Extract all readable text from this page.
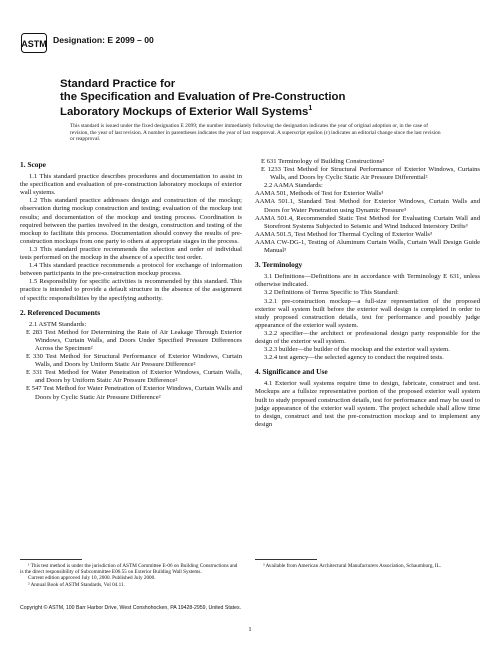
ASTM Designation: E 2099 – 00
Standard Practice for
the Specification and Evaluation of Pre-Construction
Laboratory Mockups of Exterior Wall Systems$^1$
This standard is issued under the fixed designation E 2099; the number immediately following the designation indicates the year of original adoption or, in the case of revision, the year of last revision. A number in parentheses indicates the year of last reapproval. A superscript epsilon (ε) indicates an editorial change since the last revision or reapproval.

1. Scope

1.1 This standard practice describes procedures and documentation to assist in the specification and evaluation of pre-construction laboratory mockups of exterior wall systems.

1.2 This standard practice addresses design and construction of the mockup; observation during mockup construction and testing; evaluation of the mockup test results; and documentation of the mockup and testing process. Coordination is required between the parties involved in the design, construction and testing of the mockup to facilitate this process. Documentation should convey the results of pre-construction mockups from one party to others at appropriate stages in the process.

1.3 This standard practice recommends the selection and order of individual tests performed on the mockup in the absence of a specific test order.

1.4 This standard practice recommends a protocol for exchange of information between participants in the pre-construction mockup process.

1.5 Responsibility for specific activities is recommended by this standard. This practice is intended to provide a default structure in the absence of the assignment of specific responsibilities by the specifying authority.

2. Referenced Documents

2.1 ASTM Standards:

E 283 Test Method for Determining the Rate of Air Leakage Through Exterior Windows, Curtain Walls, and Doors Under Specified Pressure Differences Across the Specimen²

E 330 Test Method for Structural Performance of Exterior Windows, Curtain Walls, and Doors by Uniform Static Air Pressure Difference²

E 331 Test Method for Water Penetration of Exterior Windows, Curtain Walls, and Doors by Uniform Static Air Pressure Difference²

E 547 Test Method for Water Penetration of Exterior Windows, Curtain Walls and Doors by Cyclic Static Air Pressure Difference²

E 631 Terminology of Building Constructions²

E 1233 Test Method for Structural Performance of Exterior Windows, Curtains Walls, and Doors by Cyclic Static Air Pressure Differential²

2.2 AAMA Standards:

AAMA 501, Methods of Test for Exterior Walls³

AAMA 501.1, Standard Test Method for Exterior Windows, Curtain Walls and Doors for Water Penetration using Dynamic Pressure³

AAMA 501.4, Recommended Static Test Method for Evaluating Curtain Wall and Storefront Systems Subjected to Seismic and Wind Induced Interstory Drifts³

AAMA 501.5, Test Method for Thermal Cycling of Exterior Walls³

AAMA CW-DG-1, Testing of Aluminum Curtain Walls, Curtain Wall Design Guide Manual³

3. Terminology

3.1 Definitions—Definitions are in accordance with Terminology E 631, unless otherwise indicated.

3.2 Definitions of Terms Specific to This Standard:

3.2.1 pre-construction mockup—a full-size representation of the proposed exterior wall system built before the exterior wall design is completed in order to study proposed construction details, test for performance and possibly judge appearance of the exterior wall system.

3.2.2 specifier—the architect or professional design party responsible for the design of the exterior wall system.

3.2.3 builder—the builder of the mockup and the exterior wall system.

3.2.4 test agency—the selected agency to conduct the required tests.

4. Significance and Use

4.1 Exterior wall systems require time to design, fabricate, construct and test. Mockups are a fullsize representative portion of the proposed exterior wall system built to study proposed construction details, test for performance and may be used to judge appearance of the exterior wall system. The project schedule shall allow time to design, construct and test the pre-construction mockup and to implement any design

¹ This test method is under the jurisdiction of ASTM Committee E-06 on Building Constructions and is the direct responsibility of Subcommittee E06.55 on Exterior Building Wall Systems.

Current edition approved July 10, 2000. Published July 2000.

² Annual Book of ASTM Standards, Vol 04.11.

³ Available from American Architectural Manufacturers Association, Schaumburg, IL.

Copyright © ASTM, 100 Barr Harbor Drive, West Conshohocken, PA 19428-2959, United States.
1
